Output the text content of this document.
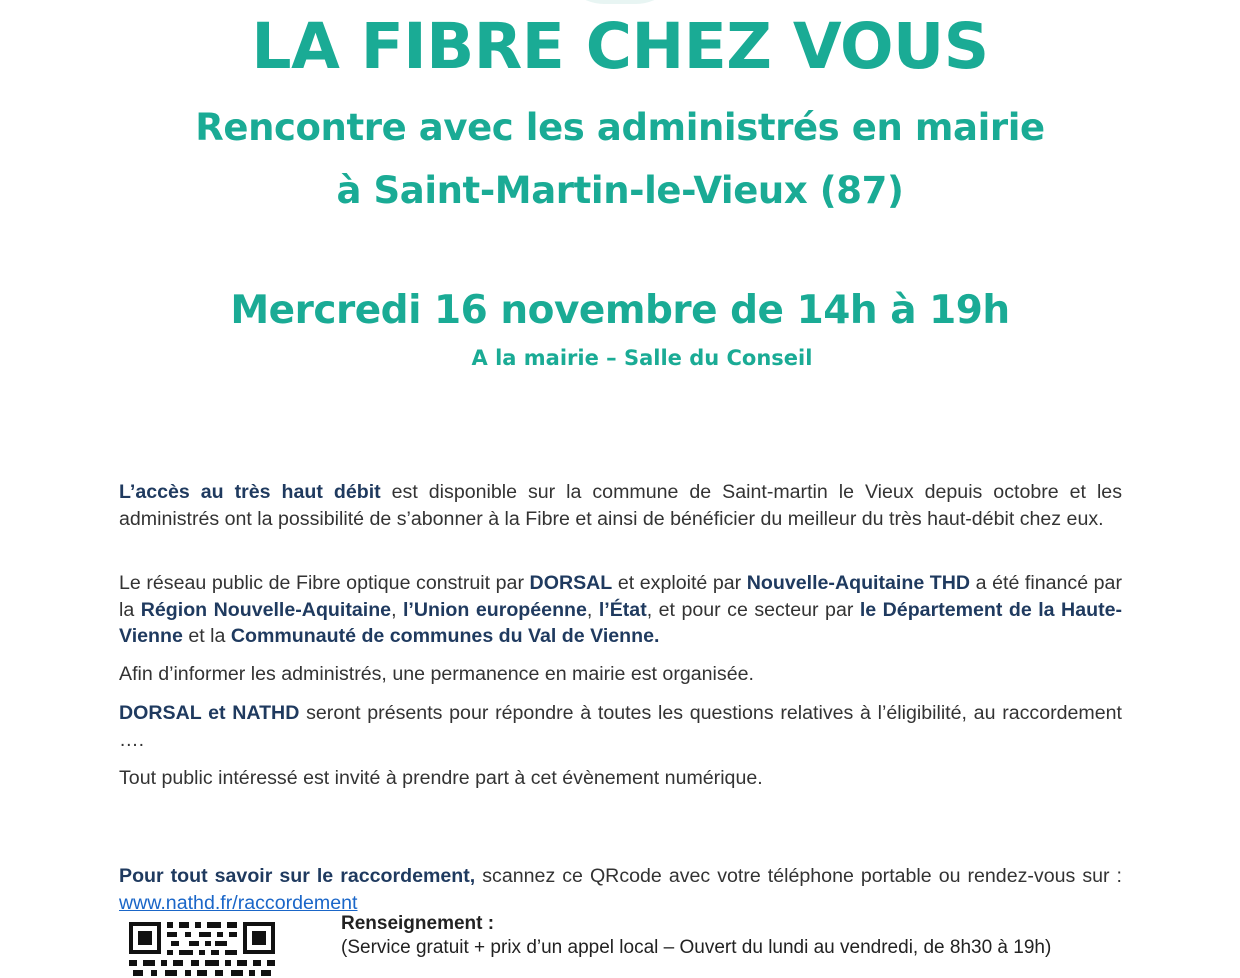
LA FIBRE CHEZ VOUS
Rencontre avec les administrés en mairie
à Saint-Martin-le-Vieux (87)
Mercredi 16 novembre de 14h à 19h
A la mairie – Salle du Conseil

L’accès au très haut débit est disponible sur la commune de Saint-martin le Vieux depuis octobre et les administrés ont la possibilité de s’abonner à la Fibre et ainsi de bénéficier du meilleur du très haut-débit chez eux.

Le réseau public de Fibre optique construit par DORSAL et exploité par Nouvelle-Aquitaine THD a été financé par la Région Nouvelle-Aquitaine, l’Union européenne, l’État, et pour ce secteur par le Département de la Haute-Vienne et la Communauté de communes du Val de Vienne.

Afin d’informer les administrés, une permanence en mairie est organisée.

DORSAL et NATHD seront présents pour répondre à toutes les questions relatives à l’éligibilité, au raccordement ….

Tout public intéressé est invité à prendre part à cet évènement numérique.

Pour tout savoir sur le raccordement, scannez ce QRcode avec votre téléphone portable ou rendez-vous sur : www.nathd.fr/raccordement

Renseignement :
(Service gratuit + prix d’un appel local – Ouvert du lundi au vendredi, de 8h30 à 19h)
